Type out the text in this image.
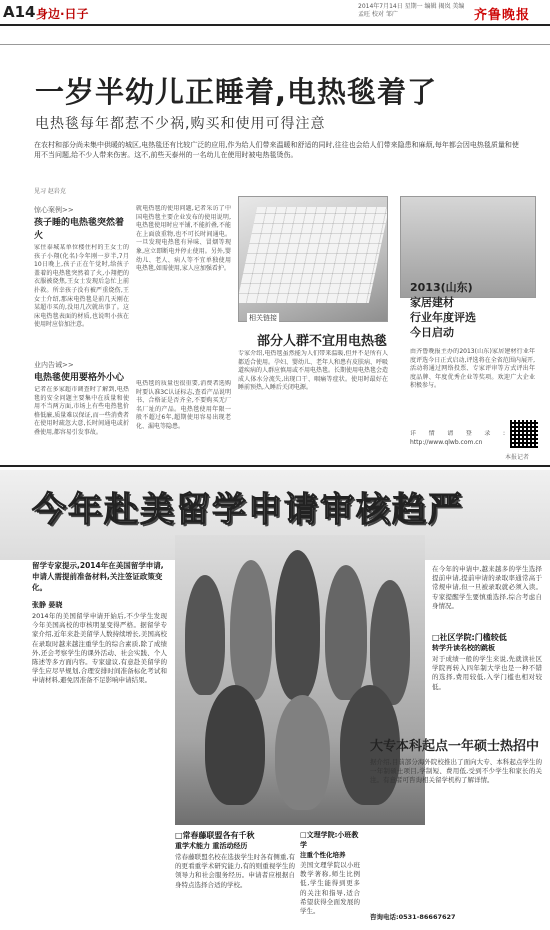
A14 身边·日子
2014年7月14日 星期一 编辑 揭岚 美编 孟旺 校对 邹广	齐鲁晚报
一岁半幼儿正睡着,电热毯着了
电热毯每年都惹不少祸,购买和使用可得注意
在农村和部分尚未集中供暖的城区,电热毯还有比较广泛的应用,作为给人们带来温暖和舒适的同时,往往也会给人们带来隐患和麻烦,每年都会因电热毯质量和使用不当问题,给不少人带来伤害。这不,前些天泰州的一名幼儿在使用时被电热毯烫伤。
见习 赵岩克
惊心案例>>
孩子睡的电热毯突然着火
家住泰城某单位楼住村的王女士的孩子小翔(化名)今年刚一岁半,7月10日晚上,孩子正在午觉时,给孩子盖着的电热毯突然着了火,小翔把的衣服被烧焦,王女士发现后急忙上前扑救。所幸孩子没有被严重烧伤,王女士介绍,那床电热毯是前几天刚在某超市买的,没用几次就出事了。这床电热毯表面的材质,也说明小孩在使用时应倍加注意。
业内告诫>>
电热毯使用要格外小心
记者在多家超市调查时了解到,电热毯的安全问题主要集中在质量和使用不当两方面,市场上有些电热毯价格低廉,质量难以保证,而一些消费者在使用时疏忽大意,长时间通电或折叠使用,都容易引发事故。
就电热毯的使用问题,记者采访了中国电热毯主要企业发布的使用说明,电热毯使用时应平铺,不能折叠,不能在上面放重物,也不可长时间通电。一旦发现电热毯有异味、冒烟等现象,应立即断电并停止使用。另外,婴幼儿、老人、病人等不宜单独使用电热毯,如需使用,家人应加强看护。
相关链接
部分人群不宜用电热毯
专家介绍,电热毯虽然能为人们带来温暖,但并不是所有人都适合使用。孕妇、婴幼儿、老年人和患有皮肤病、呼吸道疾病的人群应慎用或不用电热毯。长期使用电热毯会造成人体水分流失,出现口干、咽痛等症状。使用时最好在睡前预热,入睡后关闭电源。
电热毯的质量也很重要,消费者选购时要认准3C认证标志,查看产品说明书、合格证是否齐全,不要购买无厂名厂址的产品。电热毯使用年限一般不超过6年,超期使用容易出现老化、漏电等隐患。
2013(山东)
家居建材
行业年度评选
今日启动
由齐鲁晚报主办的2013(山东)家居建材行业年度评选今日正式启动,评选将在全省范围内展开,活动将通过网络投票、专家评审等方式评出年度品牌、年度优秀企业等奖项。欢迎广大企业积极参与。
详情请登录: http://www.qlwb.com.cn
本报记者
今年赴美留学申请审核趋严
留学专家提示,2014年在美国留学申请,申请人需提前准备材料,关注签证政策变化。
张静 晏晓
2014年的美国留学申请开始后,不少学生发现今年美国高校的审核明显变得严格。据留学专家介绍,近年来赴美留学人数持续增长,美国高校在录取时越来越注重学生的综合素质,除了成绩外,还会考察学生的课外活动、社会实践、个人陈述等多方面内容。专家建议,有意赴美留学的学生应尽早规划,合理安排时间准备标化考试和申请材料,避免因准备不足影响申请结果。
□常春藤联盟各有千秋
重学术能力 重活动经历
常春藤联盟名校在选拔学生时各有侧重,有的更看重学术研究能力,有的则重视学生的领导力和社会服务经历。申请者应根据自身特点选择合适的学校。
□文理学院:小班教学
注重个性化培养
美国文理学院以小班教学著称,师生比例低,学生能得到更多的关注和指导,适合希望获得全面发展的学生。
在今年的申请中,越来越多的学生选择提前申请,提前申请的录取率通常高于常规申请,但一旦被录取就必须入读。专家提醒学生要慎重选择,综合考虑自身情况。
□社区学院:门槛较低
转学升读名校的跳板
对于成绩一般的学生来说,先就读社区学院再转入四年制大学也是一种不错的选择,费用较低,入学门槛也相对较低。
大专本科起点一年硕士热招中
据介绍,目前部分海外院校推出了面向大专、本科起点学生的一年制硕士项目,学制短、费用低,受到不少学生和家长的关注。有意者可咨询相关留学机构了解详情。
咨询电话:0531-86667627
